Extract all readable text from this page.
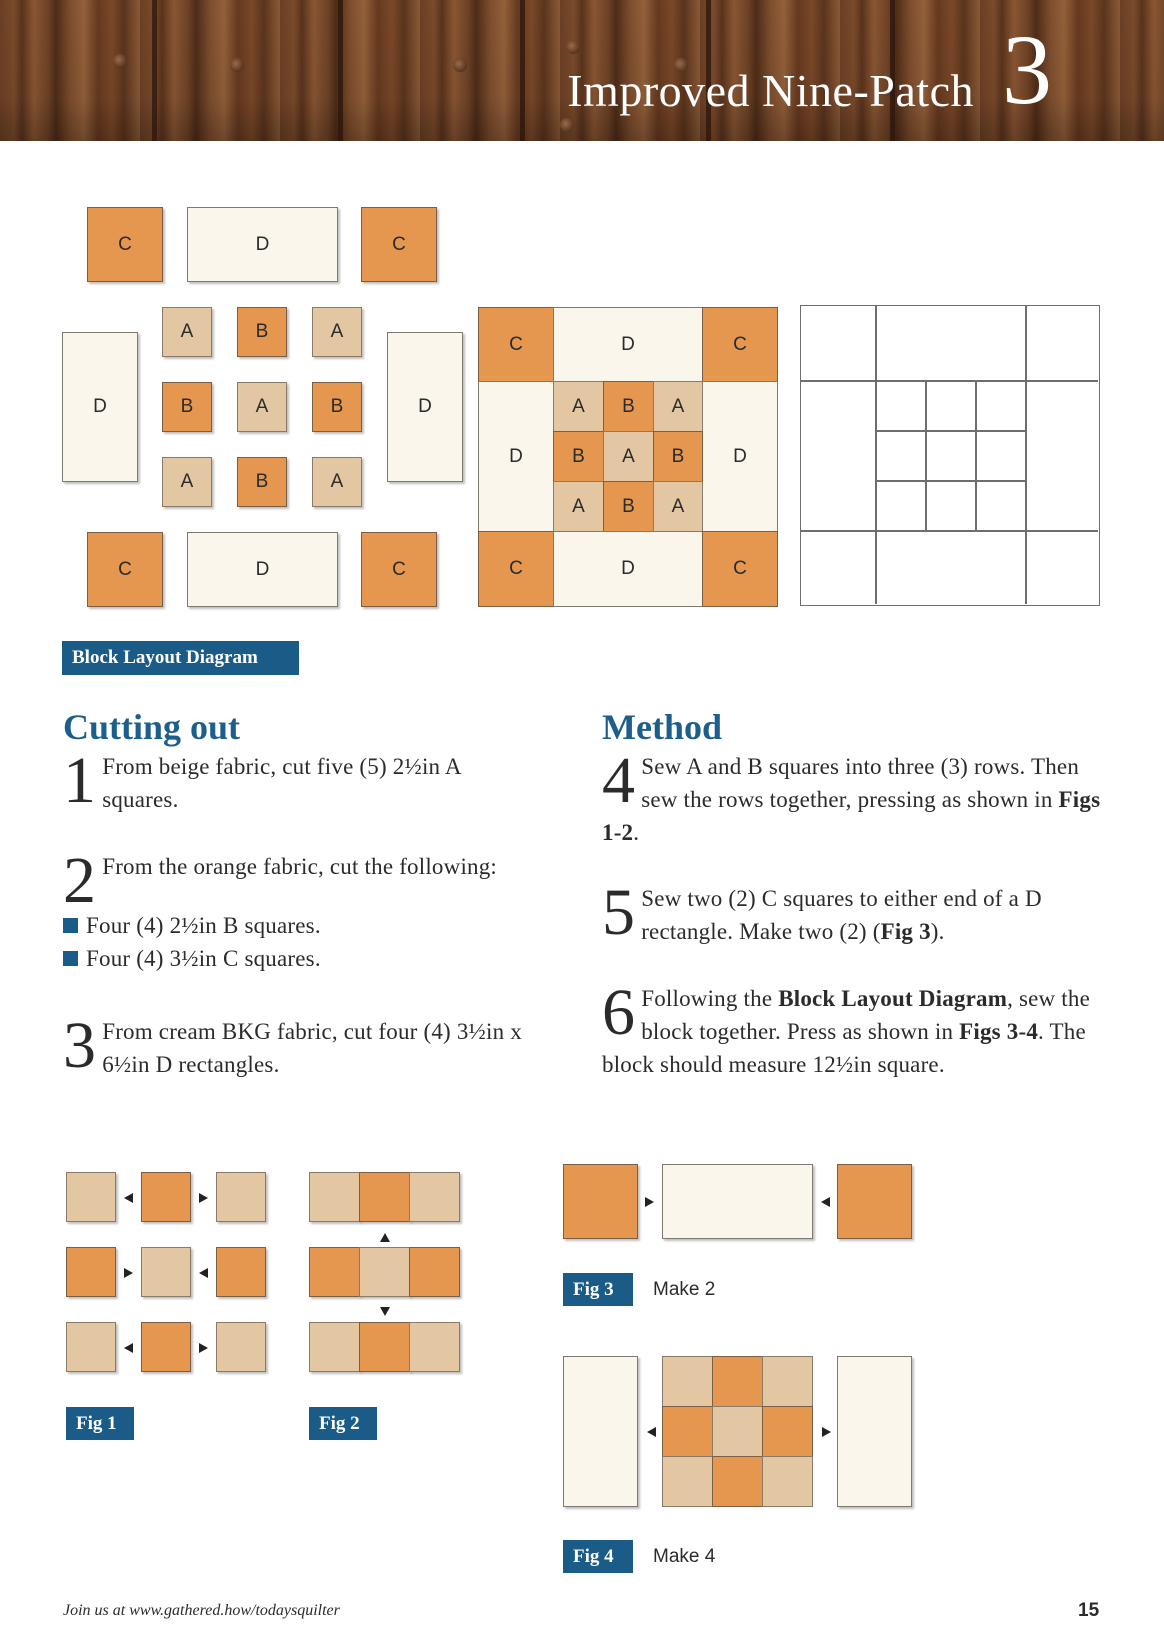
Improved Nine-Patch 3
C	D	C
D	D
A	B	A
B	A	B
A	B	A
C	D	C
C	D	C
D	D
A	B	A
B	A	B
A	B	A
C	D	C
Block Layout Diagram
Cutting out
1 From beige fabric, cut five (5) 2½in A squares.
2 From the orange fabric, cut the following:
Four (4) 2½in B squares.
Four (4) 3½in C squares.
3 From cream BKG fabric, cut four (4) 3½in x 6½in D rectangles.
Method
4 Sew A and B squares into three (3) rows. Then sew the rows together, pressing as shown in Figs 1-2.
5 Sew two (2) C squares to either end of a D rectangle. Make two (2) (Fig 3).
6 Following the Block Layout Diagram, sew the block together. Press as shown in Figs 3-4. The block should measure 12½in square.
Fig 1	Fig 2
Fig 3	Make 2
Fig 4	Make 4
Join us at www.gathered.how/todaysquilter	15
